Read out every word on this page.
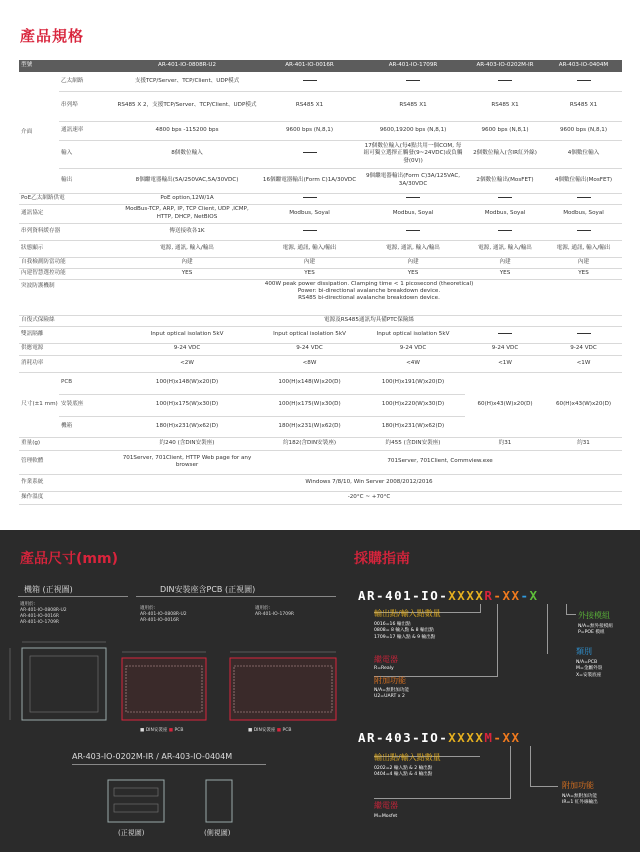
產品規格
型號		AR-401-IO-0808R-U2	AR-401-IO-0016R	AR-401-IO-1709R	AR-403-IO-0202M-IR	AR-403-IO-0404M
介面	乙太網路	支援TCP/Server、TCP/Client、UDP模式				
	串列埠	RS485 X 2，支援TCP/Server、TCP/Client、UDP模式	RS485 X1	RS485 X1	RS485 X1	RS485 X1
	通訊速率	4800 bps -115200 bps	9600 bps (N,8,1)	9600,19200 bps (N,8,1)	9600 bps (N,8,1)	9600 bps (N,8,1)
	輸入	8個數位輸入		17個數位輸入(每4點共用一個COM, 每組可獨立選擇正觸發(9~24VDC)或負觸發(0V))	2個數位輸入(含IR紅外線)	4個數位輸入
	輸出	8個繼電器輸出(5A/250VAC,5A/30VDC)	16個繼電器輸出(Form C)1A/30VDC	9個繼電器輸出(Form C)3A/125VAC, 3A/30VDC	2個數位輸出(MosFET)	4個數位輸出(MosFET)
PoE乙太網路供電		PoE option,12W/1A				
通訊協定		ModBus-TCP, ARP, IP, TCP Client, UDP ,ICMP, HTTP, DHCP, NetBIOS	Modbus, Soyal	Modbus, Soyal	Modbus, Soyal	Modbus, Soyal
串列資料緩存器		傳送接收各1K				
狀態顯示		電源, 通訊, 輸入/輸出	電源, 通訊, 輸入/輸出	電源, 通訊, 輸入/輸出	電源, 通訊, 輸入/輸出	電源, 通訊, 輸入/輸出
自我檢測防當功能		內建	內建	內建	內建	內建
內建智慧選控功能		YES	YES	YES	YES	YES
突波防護機制		400W peak power dissipation. Clamping time < 1 picosecond (theoretical)
Power: bi-directional avalanche breakdown device.
RS485 bi-directional avalanche breakdown device.				

自復式保險絲		電源及RS485通訊均具備PTC保險絲				
雙訊隔離		Input optical isolation 5kV	Input optical isolation 5kV	Input optical isolation 5kV		
供應電源		9-24 VDC	9-24 VDC	9-24 VDC	9-24 VDC	9-24 VDC
消耗功率		<2W	<8W	<4W	<1W	<1W
尺寸(±1 mm)	PCB	100(H)x148(W)x20(D)	100(H)x148(W)x20(D)	100(H)x191(W)x20(D)	60(H)x43(W)x20(D)	60(H)x43(W)x20(D)
	安裝底座	100(H)x175(W)x30(D)	100(H)x175(W)x30(D)	100(H)x220(W)x30(D)		
	機箱	180(H)x231(W)x62(D)	180(H)x231(W)x62(D)	180(H)x231(W)x62(D)		
重量(g)		約240 (含DIN安裝座)	約182(含DIN安裝座)	約455 (含DIN安裝座)	約31	約31
管理軟體		701Server, 701Client, HTTP Web page for any browser	701Server, 701Client, Commview.exe			
作業系統		Windows 7/8/10, Win Server 2008/2012/2016				
操作溫度		-20°C ~ +70°C				
產品尺寸(mm)
機箱 (正視圖)	DIN安裝座含PCB (正視圖)
適用於:
AR-401-IO-0808R-U2
AR-401-IO-0016R
AR-401-IO-1709R
適用於:
AR-401-IO-0808R-U2
AR-401-IO-0016R
適用於:
AR-401-IO-1709R
■ DIN安裝座 ■ PCB	■ DIN安裝座 ■ PCB
AR-403-IO-0202M-IR / AR-403-IO-0404M
(正視圖)	(側視圖)
採購指南
AR-401-IO-XXXXR-XX-X
輸出點/輸入點數量
0016=16 輸出點
0808= 8 輸入點 & 8 輸出點
1709=17 輸入點 & 9 輸出點
繼電器
R=Realy
附加功能
N/A=無附加功能
U2=UART x 2
外接模組
N/A=無外接模組
P=POE 模組
類別
N/A=PCB
M=金屬外殼
X=安裝底座
AR-403-IO-XXXXM-XX
輸出點/輸入點數量
0202=2 輸入點 & 2 輸出點
0404=4 輸入點 & 4 輸出點
附加功能
N/A=無附加功能
IR=1 紅外線輸出
繼電器
M=Mosfet
